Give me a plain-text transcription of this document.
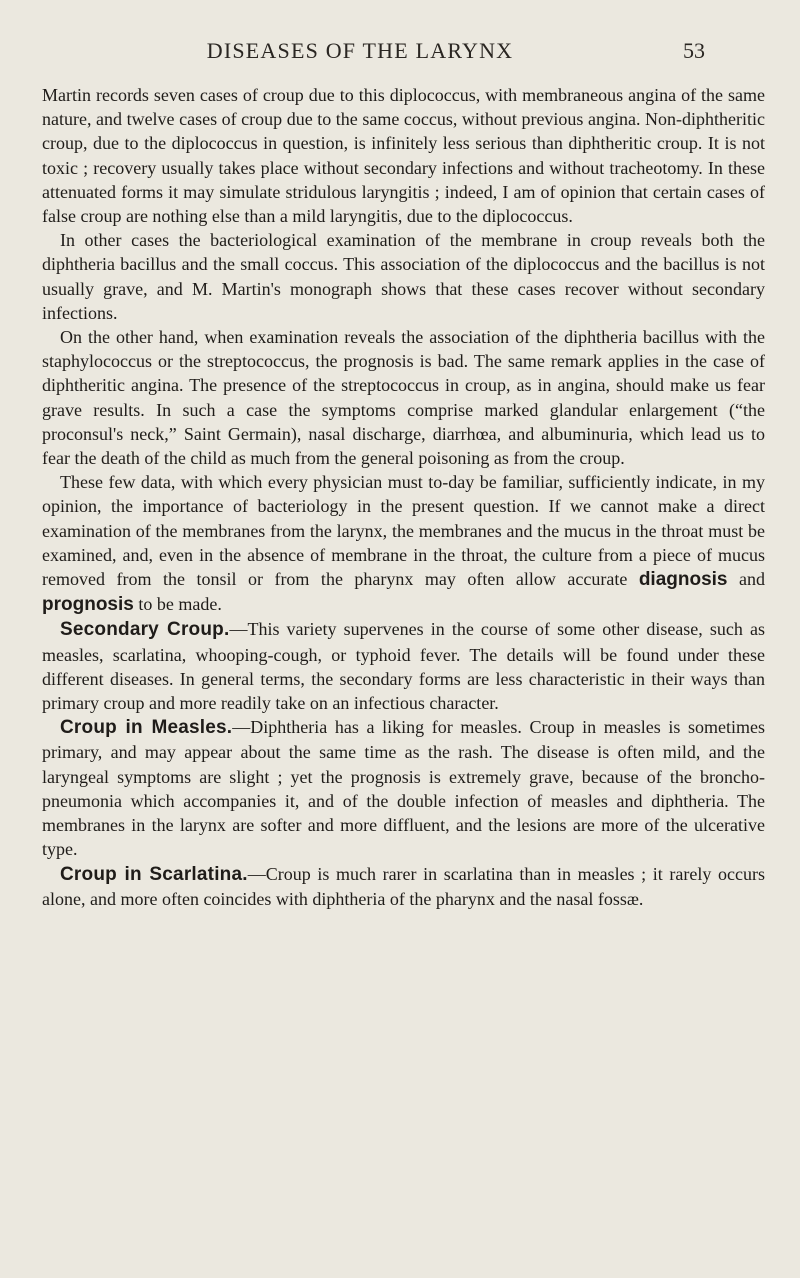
DISEASES OF THE LARYNX	53

Martin records seven cases of croup due to this diplococcus, with membraneous angina of the same nature, and twelve cases of croup due to the same coccus, without previous angina. Non-diphtheritic croup, due to the diplococcus in question, is infinitely less serious than diphtheritic croup. It is not toxic ; recovery usually takes place without secondary infections and without tracheotomy. In these attenuated forms it may simulate stridulous laryngitis ; indeed, I am of opinion that certain cases of false croup are nothing else than a mild laryngitis, due to the diplococcus.

In other cases the bacteriological examination of the membrane in croup reveals both the diphtheria bacillus and the small coccus. This association of the diplococcus and the bacillus is not usually grave, and M. Martin's monograph shows that these cases recover without secondary infections.

On the other hand, when examination reveals the association of the diphtheria bacillus with the staphylococcus or the streptococcus, the prognosis is bad. The same remark applies in the case of diphtheritic angina. The presence of the streptococcus in croup, as in angina, should make us fear grave results. In such a case the symptoms comprise marked glandular enlargement (“the proconsul's neck,” Saint Germain), nasal discharge, diarrhœa, and albuminuria, which lead us to fear the death of the child as much from the general poisoning as from the croup.

These few data, with which every physician must to-day be familiar, sufficiently indicate, in my opinion, the importance of bacteriology in the present question. If we cannot make a direct examination of the membranes from the larynx, the membranes and the mucus in the throat must be examined, and, even in the absence of membrane in the throat, the culture from a piece of mucus removed from the tonsil or from the pharynx may often allow accurate diagnosis and prognosis to be made.

Secondary Croup.—This variety supervenes in the course of some other disease, such as measles, scarlatina, whooping-cough, or typhoid fever. The details will be found under these different diseases. In general terms, the secondary forms are less characteristic in their ways than primary croup and more readily take on an infectious character.

Croup in Measles.—Diphtheria has a liking for measles. Croup in measles is sometimes primary, and may appear about the same time as the rash. The disease is often mild, and the laryngeal symptoms are slight ; yet the prognosis is extremely grave, because of the broncho-pneumonia which accompanies it, and of the double infection of measles and diphtheria. The membranes in the larynx are softer and more diffluent, and the lesions are more of the ulcerative type.

Croup in Scarlatina.—Croup is much rarer in scarlatina than in measles ; it rarely occurs alone, and more often coincides with diphtheria of the pharynx and the nasal fossæ.
